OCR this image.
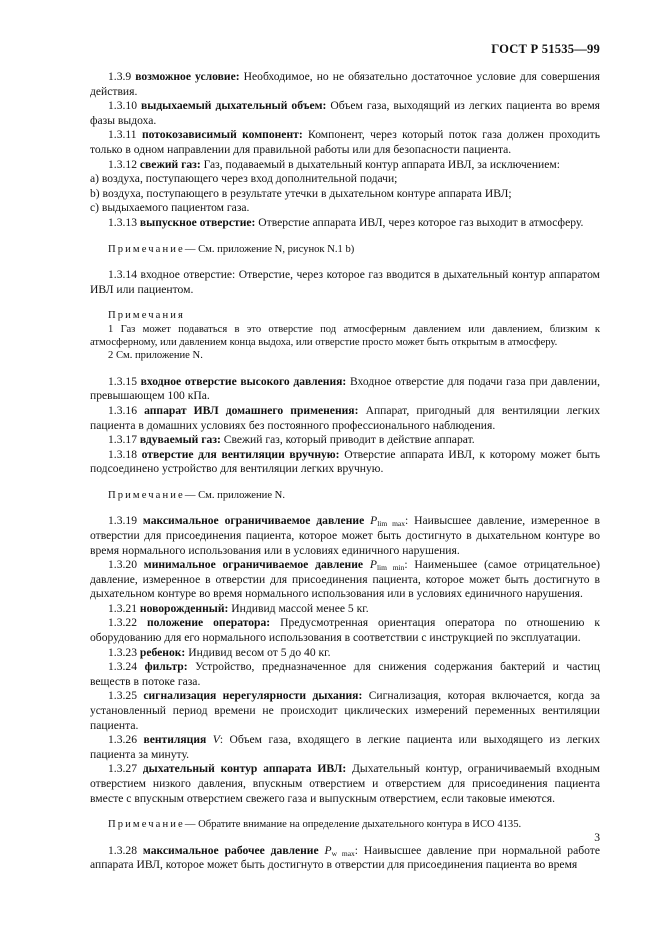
ГОСТ Р 51535—99

1.3.9 возможное условие: Необходимое, но не обязательно достаточное условие для совершения действия.

1.3.10 выдыхаемый дыхательный объем: Объем газа, выходящий из легких пациента во время фазы выдоха.

1.3.11 потокозависимый компонент: Компонент, через который поток газа должен проходить только в одном направлении для правильной работы или для безопасности пациента.

1.3.12 свежий газ: Газ, подаваемый в дыхательный контур аппарата ИВЛ, за исключением:

а) воздуха, поступающего через вход дополнительной подачи;

b) воздуха, поступающего в результате утечки в дыхательном контуре аппарата ИВЛ;

с) выдыхаемого пациентом газа.

1.3.13 выпускное отверстие: Отверстие аппарата ИВЛ, через которое газ выходит в атмосферу.

Примечание— См. приложение N, рисунок N.1 b)

1.3.14 входное отверстие: Отверстие, через которое газ вводится в дыхательный контур аппаратом ИВЛ или пациентом.

Примечания

1 Газ может подаваться в это отверстие под атмосферным давлением или давлением, близким к атмосферному, или давлением конца выдоха, или отверстие просто может быть открытым в атмосферу.

2 См. приложение N.

1.3.15 входное отверстие высокого давления: Входное отверстие для подачи газа при давлении, превышающем 100 кПа.

1.3.16 аппарат ИВЛ домашнего применения: Аппарат, пригодный для вентиляции легких пациента в домашних условиях без постоянного профессионального наблюдения.

1.3.17 вдуваемый газ: Свежий газ, который приводит в действие аппарат.

1.3.18 отверстие для вентиляции вручную: Отверстие аппарата ИВЛ, к которому может быть подсоединено устройство для вентиляции легких вручную.

Примечание— См. приложение N.

1.3.19 максимальное ограничиваемое давление $P_{lim max}$: Наивысшее давление, измеренное в отверстии для присоединения пациента, которое может быть достигнуто в дыхательном контуре во время нормального использования или в условиях единичного нарушения.

1.3.20 минимальное ограничиваемое давление $P_{lim min}$: Наименьшее (самое отрицательное) давление, измеренное в отверстии для присоединения пациента, которое может быть достигнуто в дыхательном контуре во время нормального использования или в условиях единичного нарушения.

1.3.21 новорожденный: Индивид массой менее 5 кг.

1.3.22 положение оператора: Предусмотренная ориентация оператора по отношению к оборудованию для его нормального использования в соответствии с инструкцией по эксплуатации.

1.3.23 ребенок: Индивид весом от 5 до 40 кг.

1.3.24 фильтр: Устройство, предназначенное для снижения содержания бактерий и частиц веществ в потоке газа.

1.3.25 сигнализация нерегулярности дыхания: Сигнализация, которая включается, когда за установленный период времени не происходит циклических измерений переменных вентиляции пациента.

1.3.26 вентиляция V: Объем газа, входящего в легкие пациента или выходящего из легких пациента за минуту.

1.3.27 дыхательный контур аппарата ИВЛ: Дыхательный контур, ограничиваемый входным отверстием низкого давления, впускным отверстием и отверстием для присоединения пациента вместе с впускным отверстием свежего газа и выпускным отверстием, если таковые имеются.

Примечание— Обратите внимание на определение дыхательного контура в ИСО 4135.

1.3.28 максимальное рабочее давление $P_{w max}$: Наивысшее давление при нормальной работе аппарата ИВЛ, которое может быть достигнуто в отверстии для присоединения пациента во время

3
